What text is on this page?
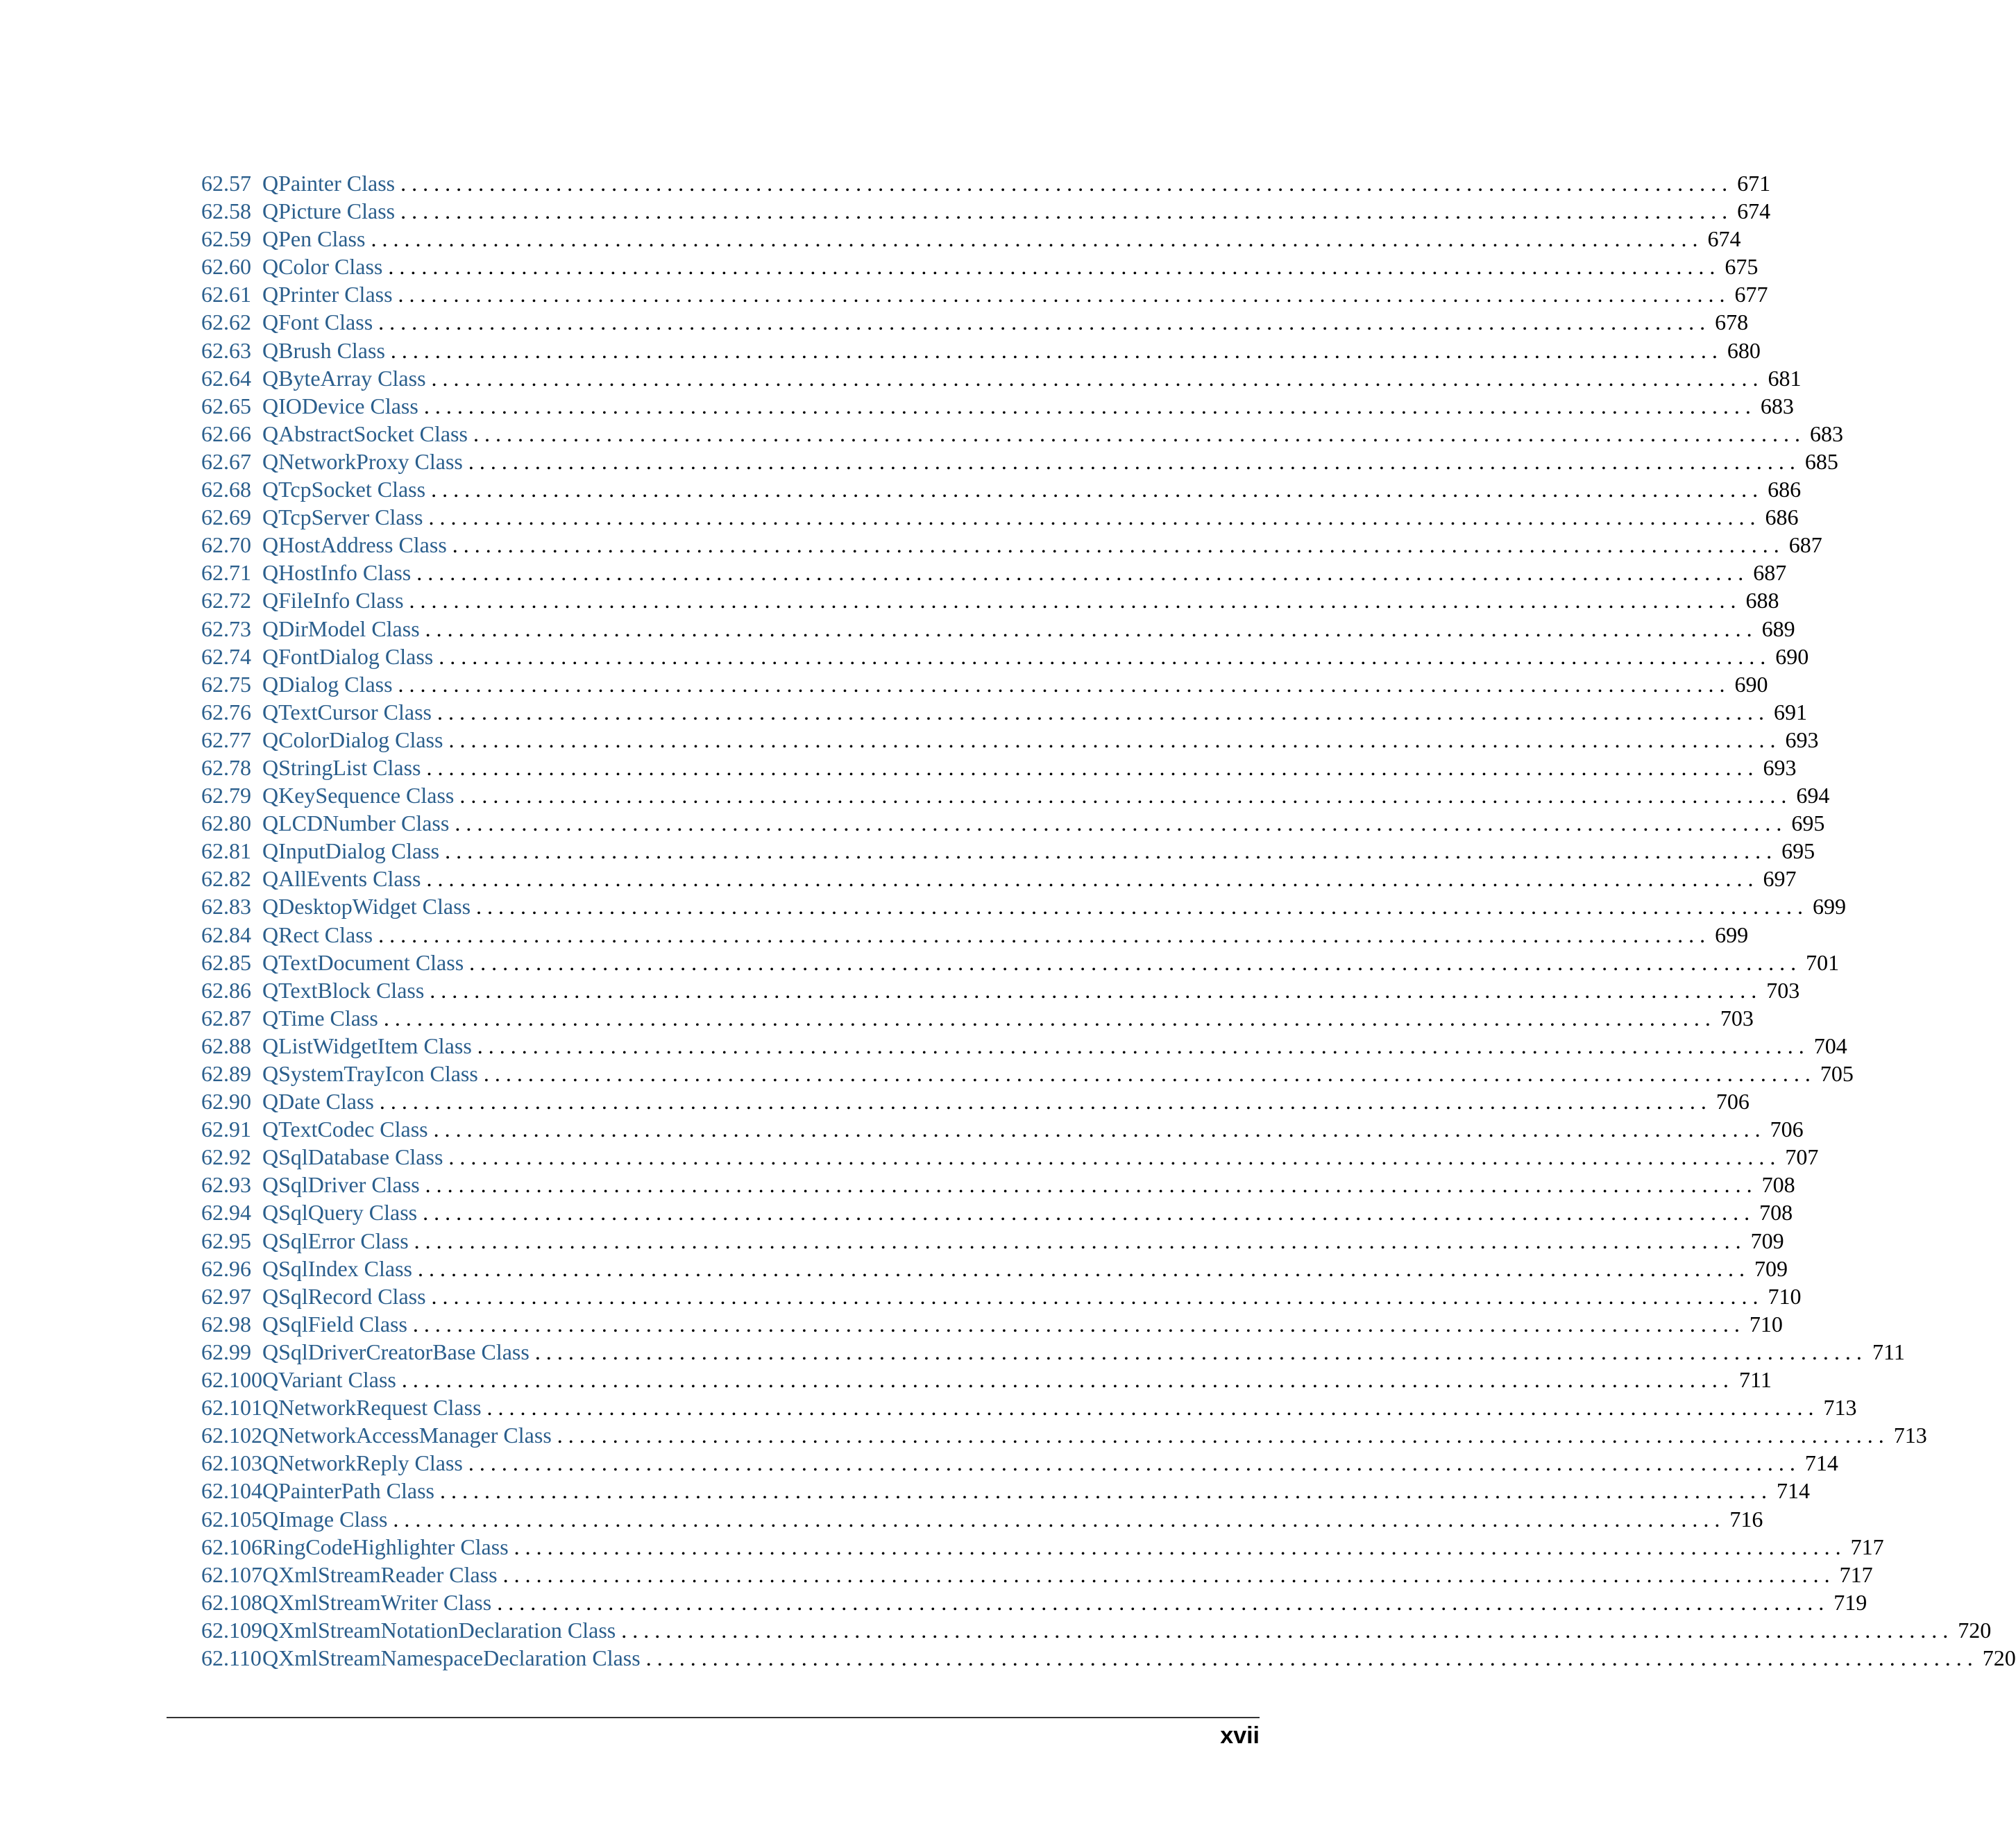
62.57 QPainter Class . . . . . . . . . . . . . . . . . . . . . . . . . . . . . . . . . . . . . . . . . . . . . . . . . . . . . . . . . . . . . . . . . . . . . . . . . . . . . . . . . . . . . . . . . . . . . . . . . . . . . . . . . . . . . . . . . . . . . . . . 671
62.58 QPicture Class . . . . . . . . . . . . . . . . . . . . . . . . . . . . . . . . . . . . . . . . . . . . . . . . . . . . . . . . . . . . . . . . . . . . . . . . . . . . . . . . . . . . . . . . . . . . . . . . . . . . . . . . . . . . . . . . . . . . . . . . 674
62.59 QPen Class . . . . . . . . . . . . . . . . . . . . . . . . . . . . . . . . . . . . . . . . . . . . . . . . . . . . . . . . . . . . . . . . . . . . . . . . . . . . . . . . . . . . . . . . . . . . . . . . . . . . . . . . . . . . . . . . . . . . . . . . 674
62.60 QColor Class . . . . . . . . . . . . . . . . . . . . . . . . . . . . . . . . . . . . . . . . . . . . . . . . . . . . . . . . . . . . . . . . . . . . . . . . . . . . . . . . . . . . . . . . . . . . . . . . . . . . . . . . . . . . . . . . . . . . . . . . 675
62.61 QPrinter Class . . . . . . . . . . . . . . . . . . . . . . . . . . . . . . . . . . . . . . . . . . . . . . . . . . . . . . . . . . . . . . . . . . . . . . . . . . . . . . . . . . . . . . . . . . . . . . . . . . . . . . . . . . . . . . . . . . . . . . . . 677
62.62 QFont Class . . . . . . . . . . . . . . . . . . . . . . . . . . . . . . . . . . . . . . . . . . . . . . . . . . . . . . . . . . . . . . . . . . . . . . . . . . . . . . . . . . . . . . . . . . . . . . . . . . . . . . . . . . . . . . . . . . . . . . . . 678
62.63 QBrush Class . . . . . . . . . . . . . . . . . . . . . . . . . . . . . . . . . . . . . . . . . . . . . . . . . . . . . . . . . . . . . . . . . . . . . . . . . . . . . . . . . . . . . . . . . . . . . . . . . . . . . . . . . . . . . . . . . . . . . . . . 680
62.64 QByteArray Class . . . . . . . . . . . . . . . . . . . . . . . . . . . . . . . . . . . . . . . . . . . . . . . . . . . . . . . . . . . . . . . . . . . . . . . . . . . . . . . . . . . . . . . . . . . . . . . . . . . . . . . . . . . . . . . . . . . . . . . . 681
62.65 QIODevice Class . . . . . . . . . . . . . . . . . . . . . . . . . . . . . . . . . . . . . . . . . . . . . . . . . . . . . . . . . . . . . . . . . . . . . . . . . . . . . . . . . . . . . . . . . . . . . . . . . . . . . . . . . . . . . . . . . . . . . . . . 683
62.66 QAbstractSocket Class . . . . . . . . . . . . . . . . . . . . . . . . . . . . . . . . . . . . . . . . . . . . . . . . . . . . . . . . . . . . . . . . . . . . . . . . . . . . . . . . . . . . . . . . . . . . . . . . . . . . . . . . . . . . . . . . . . . . . . . . 683
62.67 QNetworkProxy Class . . . . . . . . . . . . . . . . . . . . . . . . . . . . . . . . . . . . . . . . . . . . . . . . . . . . . . . . . . . . . . . . . . . . . . . . . . . . . . . . . . . . . . . . . . . . . . . . . . . . . . . . . . . . . . . . . . . . . . . . 685
62.68 QTcpSocket Class . . . . . . . . . . . . . . . . . . . . . . . . . . . . . . . . . . . . . . . . . . . . . . . . . . . . . . . . . . . . . . . . . . . . . . . . . . . . . . . . . . . . . . . . . . . . . . . . . . . . . . . . . . . . . . . . . . . . . . . . 686
62.69 QTcpServer Class . . . . . . . . . . . . . . . . . . . . . . . . . . . . . . . . . . . . . . . . . . . . . . . . . . . . . . . . . . . . . . . . . . . . . . . . . . . . . . . . . . . . . . . . . . . . . . . . . . . . . . . . . . . . . . . . . . . . . . . . 686
62.70 QHostAddress Class . . . . . . . . . . . . . . . . . . . . . . . . . . . . . . . . . . . . . . . . . . . . . . . . . . . . . . . . . . . . . . . . . . . . . . . . . . . . . . . . . . . . . . . . . . . . . . . . . . . . . . . . . . . . . . . . . . . . . . . . 687
62.71 QHostInfo Class . . . . . . . . . . . . . . . . . . . . . . . . . . . . . . . . . . . . . . . . . . . . . . . . . . . . . . . . . . . . . . . . . . . . . . . . . . . . . . . . . . . . . . . . . . . . . . . . . . . . . . . . . . . . . . . . . . . . . . . . 687
62.72 QFileInfo Class . . . . . . . . . . . . . . . . . . . . . . . . . . . . . . . . . . . . . . . . . . . . . . . . . . . . . . . . . . . . . . . . . . . . . . . . . . . . . . . . . . . . . . . . . . . . . . . . . . . . . . . . . . . . . . . . . . . . . . . . 688
62.73 QDirModel Class . . . . . . . . . . . . . . . . . . . . . . . . . . . . . . . . . . . . . . . . . . . . . . . . . . . . . . . . . . . . . . . . . . . . . . . . . . . . . . . . . . . . . . . . . . . . . . . . . . . . . . . . . . . . . . . . . . . . . . . . 689
62.74 QFontDialog Class . . . . . . . . . . . . . . . . . . . . . . . . . . . . . . . . . . . . . . . . . . . . . . . . . . . . . . . . . . . . . . . . . . . . . . . . . . . . . . . . . . . . . . . . . . . . . . . . . . . . . . . . . . . . . . . . . . . . . . . . 690
62.75 QDialog Class . . . . . . . . . . . . . . . . . . . . . . . . . . . . . . . . . . . . . . . . . . . . . . . . . . . . . . . . . . . . . . . . . . . . . . . . . . . . . . . . . . . . . . . . . . . . . . . . . . . . . . . . . . . . . . . . . . . . . . . . 690
62.76 QTextCursor Class . . . . . . . . . . . . . . . . . . . . . . . . . . . . . . . . . . . . . . . . . . . . . . . . . . . . . . . . . . . . . . . . . . . . . . . . . . . . . . . . . . . . . . . . . . . . . . . . . . . . . . . . . . . . . . . . . . . . . . . . 691
62.77 QColorDialog Class . . . . . . . . . . . . . . . . . . . . . . . . . . . . . . . . . . . . . . . . . . . . . . . . . . . . . . . . . . . . . . . . . . . . . . . . . . . . . . . . . . . . . . . . . . . . . . . . . . . . . . . . . . . . . . . . . . . . . . . . 693
62.78 QStringList Class . . . . . . . . . . . . . . . . . . . . . . . . . . . . . . . . . . . . . . . . . . . . . . . . . . . . . . . . . . . . . . . . . . . . . . . . . . . . . . . . . . . . . . . . . . . . . . . . . . . . . . . . . . . . . . . . . . . . . . . . 693
62.79 QKeySequence Class . . . . . . . . . . . . . . . . . . . . . . . . . . . . . . . . . . . . . . . . . . . . . . . . . . . . . . . . . . . . . . . . . . . . . . . . . . . . . . . . . . . . . . . . . . . . . . . . . . . . . . . . . . . . . . . . . . . . . . . . 694
62.80 QLCDNumber Class . . . . . . . . . . . . . . . . . . . . . . . . . . . . . . . . . . . . . . . . . . . . . . . . . . . . . . . . . . . . . . . . . . . . . . . . . . . . . . . . . . . . . . . . . . . . . . . . . . . . . . . . . . . . . . . . . . . . . . . . 695
62.81 QInputDialog Class . . . . . . . . . . . . . . . . . . . . . . . . . . . . . . . . . . . . . . . . . . . . . . . . . . . . . . . . . . . . . . . . . . . . . . . . . . . . . . . . . . . . . . . . . . . . . . . . . . . . . . . . . . . . . . . . . . . . . . . . 695
62.82 QAllEvents Class . . . . . . . . . . . . . . . . . . . . . . . . . . . . . . . . . . . . . . . . . . . . . . . . . . . . . . . . . . . . . . . . . . . . . . . . . . . . . . . . . . . . . . . . . . . . . . . . . . . . . . . . . . . . . . . . . . . . . . . . 697
62.83 QDesktopWidget Class . . . . . . . . . . . . . . . . . . . . . . . . . . . . . . . . . . . . . . . . . . . . . . . . . . . . . . . . . . . . . . . . . . . . . . . . . . . . . . . . . . . . . . . . . . . . . . . . . . . . . . . . . . . . . . . . . . . . . . . . 699
62.84 QRect Class . . . . . . . . . . . . . . . . . . . . . . . . . . . . . . . . . . . . . . . . . . . . . . . . . . . . . . . . . . . . . . . . . . . . . . . . . . . . . . . . . . . . . . . . . . . . . . . . . . . . . . . . . . . . . . . . . . . . . . . . 699
62.85 QTextDocument Class . . . . . . . . . . . . . . . . . . . . . . . . . . . . . . . . . . . . . . . . . . . . . . . . . . . . . . . . . . . . . . . . . . . . . . . . . . . . . . . . . . . . . . . . . . . . . . . . . . . . . . . . . . . . . . . . . . . . . . . . 701
62.86 QTextBlock Class . . . . . . . . . . . . . . . . . . . . . . . . . . . . . . . . . . . . . . . . . . . . . . . . . . . . . . . . . . . . . . . . . . . . . . . . . . . . . . . . . . . . . . . . . . . . . . . . . . . . . . . . . . . . . . . . . . . . . . . . 703
62.87 QTime Class . . . . . . . . . . . . . . . . . . . . . . . . . . . . . . . . . . . . . . . . . . . . . . . . . . . . . . . . . . . . . . . . . . . . . . . . . . . . . . . . . . . . . . . . . . . . . . . . . . . . . . . . . . . . . . . . . . . . . . . . 703
62.88 QListWidgetItem Class . . . . . . . . . . . . . . . . . . . . . . . . . . . . . . . . . . . . . . . . . . . . . . . . . . . . . . . . . . . . . . . . . . . . . . . . . . . . . . . . . . . . . . . . . . . . . . . . . . . . . . . . . . . . . . . . . . . . . . . . 704
62.89 QSystemTrayIcon Class . . . . . . . . . . . . . . . . . . . . . . . . . . . . . . . . . . . . . . . . . . . . . . . . . . . . . . . . . . . . . . . . . . . . . . . . . . . . . . . . . . . . . . . . . . . . . . . . . . . . . . . . . . . . . . . . . . . . . . . . 705
62.90 QDate Class . . . . . . . . . . . . . . . . . . . . . . . . . . . . . . . . . . . . . . . . . . . . . . . . . . . . . . . . . . . . . . . . . . . . . . . . . . . . . . . . . . . . . . . . . . . . . . . . . . . . . . . . . . . . . . . . . . . . . . . . 706
62.91 QTextCodec Class . . . . . . . . . . . . . . . . . . . . . . . . . . . . . . . . . . . . . . . . . . . . . . . . . . . . . . . . . . . . . . . . . . . . . . . . . . . . . . . . . . . . . . . . . . . . . . . . . . . . . . . . . . . . . . . . . . . . . . . . 706
62.92 QSqlDatabase Class . . . . . . . . . . . . . . . . . . . . . . . . . . . . . . . . . . . . . . . . . . . . . . . . . . . . . . . . . . . . . . . . . . . . . . . . . . . . . . . . . . . . . . . . . . . . . . . . . . . . . . . . . . . . . . . . . . . . . . . . 707
62.93 QSqlDriver Class . . . . . . . . . . . . . . . . . . . . . . . . . . . . . . . . . . . . . . . . . . . . . . . . . . . . . . . . . . . . . . . . . . . . . . . . . . . . . . . . . . . . . . . . . . . . . . . . . . . . . . . . . . . . . . . . . . . . . . . . 708
62.94 QSqlQuery Class . . . . . . . . . . . . . . . . . . . . . . . . . . . . . . . . . . . . . . . . . . . . . . . . . . . . . . . . . . . . . . . . . . . . . . . . . . . . . . . . . . . . . . . . . . . . . . . . . . . . . . . . . . . . . . . . . . . . . . . . 708
62.95 QSqlError Class . . . . . . . . . . . . . . . . . . . . . . . . . . . . . . . . . . . . . . . . . . . . . . . . . . . . . . . . . . . . . . . . . . . . . . . . . . . . . . . . . . . . . . . . . . . . . . . . . . . . . . . . . . . . . . . . . . . . . . . . 709
62.96 QSqlIndex Class . . . . . . . . . . . . . . . . . . . . . . . . . . . . . . . . . . . . . . . . . . . . . . . . . . . . . . . . . . . . . . . . . . . . . . . . . . . . . . . . . . . . . . . . . . . . . . . . . . . . . . . . . . . . . . . . . . . . . . . . 709
62.97 QSqlRecord Class . . . . . . . . . . . . . . . . . . . . . . . . . . . . . . . . . . . . . . . . . . . . . . . . . . . . . . . . . . . . . . . . . . . . . . . . . . . . . . . . . . . . . . . . . . . . . . . . . . . . . . . . . . . . . . . . . . . . . . . . 710
62.98 QSqlField Class . . . . . . . . . . . . . . . . . . . . . . . . . . . . . . . . . . . . . . . . . . . . . . . . . . . . . . . . . . . . . . . . . . . . . . . . . . . . . . . . . . . . . . . . . . . . . . . . . . . . . . . . . . . . . . . . . . . . . . . . 710
62.99 QSqlDriverCreatorBase Class . . . . . . . . . . . . . . . . . . . . . . . . . . . . . . . . . . . . . . . . . . . . . . . . . . . . . . . . . . . . . . . . . . . . . . . . . . . . . . . . . . . . . . . . . . . . . . . . . . . . . . . . . . . . . . . . . . . . . . . . 711
62.100 QVariant Class . . . . . . . . . . . . . . . . . . . . . . . . . . . . . . . . . . . . . . . . . . . . . . . . . . . . . . . . . . . . . . . . . . . . . . . . . . . . . . . . . . . . . . . . . . . . . . . . . . . . . . . . . . . . . . . . . . . . . . . . 711
62.101 QNetworkRequest Class . . . . . . . . . . . . . . . . . . . . . . . . . . . . . . . . . . . . . . . . . . . . . . . . . . . . . . . . . . . . . . . . . . . . . . . . . . . . . . . . . . . . . . . . . . . . . . . . . . . . . . . . . . . . . . . . . . . . . . . . 713
62.102 QNetworkAccessManager Class . . . . . . . . . . . . . . . . . . . . . . . . . . . . . . . . . . . . . . . . . . . . . . . . . . . . . . . . . . . . . . . . . . . . . . . . . . . . . . . . . . . . . . . . . . . . . . . . . . . . . . . . . . . . . . . . . . . . . . . . 713
62.103 QNetworkReply Class . . . . . . . . . . . . . . . . . . . . . . . . . . . . . . . . . . . . . . . . . . . . . . . . . . . . . . . . . . . . . . . . . . . . . . . . . . . . . . . . . . . . . . . . . . . . . . . . . . . . . . . . . . . . . . . . . . . . . . . . 714
62.104 QPainterPath Class . . . . . . . . . . . . . . . . . . . . . . . . . . . . . . . . . . . . . . . . . . . . . . . . . . . . . . . . . . . . . . . . . . . . . . . . . . . . . . . . . . . . . . . . . . . . . . . . . . . . . . . . . . . . . . . . . . . . . . . . 714
62.105 QImage Class . . . . . . . . . . . . . . . . . . . . . . . . . . . . . . . . . . . . . . . . . . . . . . . . . . . . . . . . . . . . . . . . . . . . . . . . . . . . . . . . . . . . . . . . . . . . . . . . . . . . . . . . . . . . . . . . . . . . . . . . 716
62.106 RingCodeHighlighter Class . . . . . . . . . . . . . . . . . . . . . . . . . . . . . . . . . . . . . . . . . . . . . . . . . . . . . . . . . . . . . . . . . . . . . . . . . . . . . . . . . . . . . . . . . . . . . . . . . . . . . . . . . . . . . . . . . . . . . . . . 717
62.107 QXmlStreamReader Class . . . . . . . . . . . . . . . . . . . . . . . . . . . . . . . . . . . . . . . . . . . . . . . . . . . . . . . . . . . . . . . . . . . . . . . . . . . . . . . . . . . . . . . . . . . . . . . . . . . . . . . . . . . . . . . . . . . . . . . . 717
62.108 QXmlStreamWriter Class . . . . . . . . . . . . . . . . . . . . . . . . . . . . . . . . . . . . . . . . . . . . . . . . . . . . . . . . . . . . . . . . . . . . . . . . . . . . . . . . . . . . . . . . . . . . . . . . . . . . . . . . . . . . . . . . . . . . . . . . 719
62.109 QXmlStreamNotationDeclaration Class . . . . . . . . . . . . . . . . . . . . . . . . . . . . . . . . . . . . . . . . . . . . . . . . . . . . . . . . . . . . . . . . . . . . . . . . . . . . . . . . . . . . . . . . . . . . . . . . . . . . . . . . . . . . . . . . . . . . . . . . 720
62.110 QXmlStreamNamespaceDeclaration Class . . . . . . . . . . . . . . . . . . . . . . . . . . . . . . . . . . . . . . . . . . . . . . . . . . . . . . . . . . . . . . . . . . . . . . . . . . . . . . . . . . . . . . . . . . . . . . . . . . . . . . . . . . . . . . . . . . . . . . . . 720
xvii
